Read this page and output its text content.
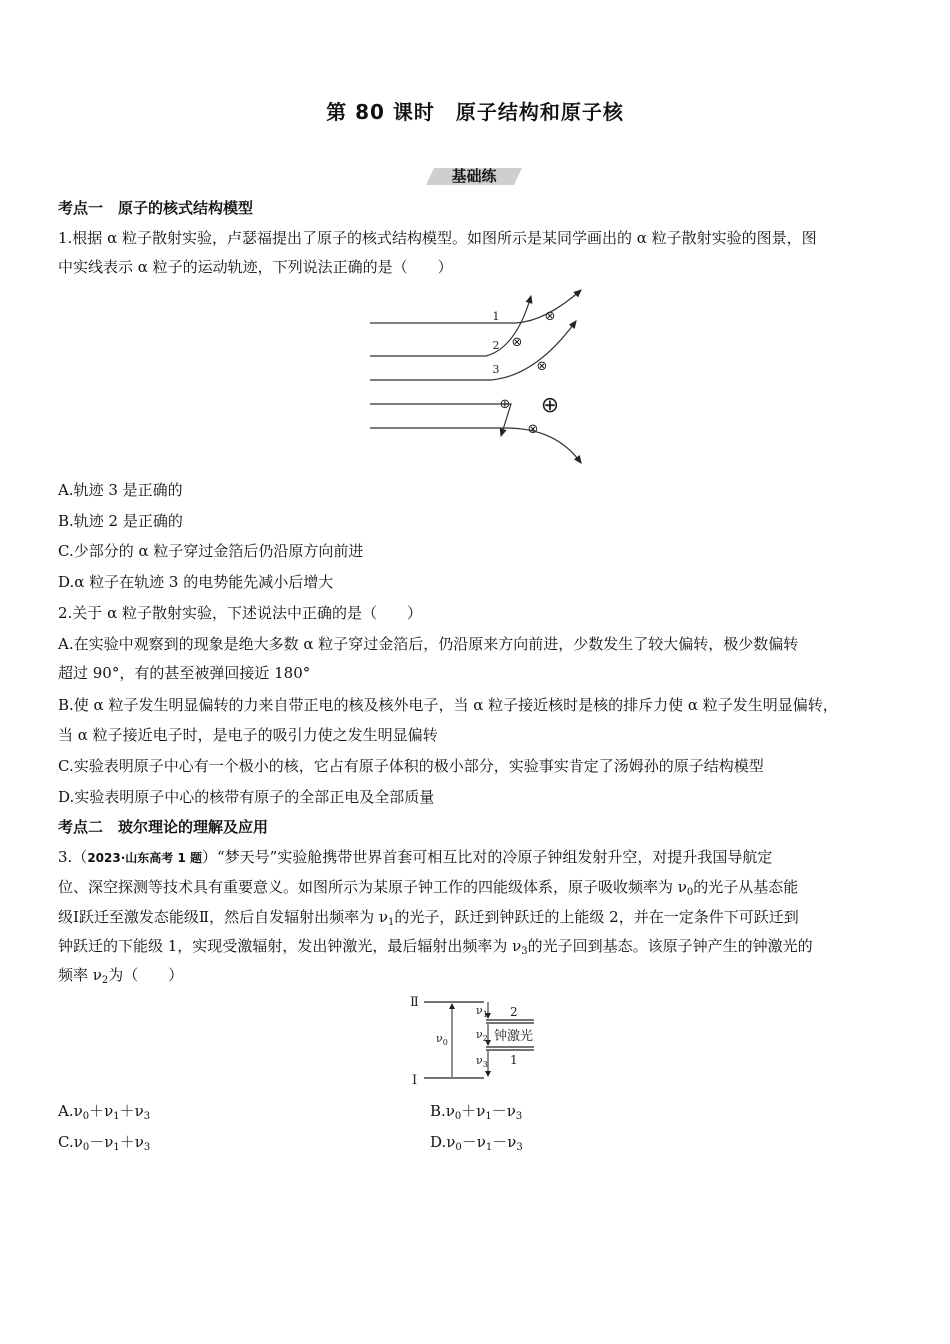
第 80 课时　原子结构和原子核
基础练
考点一　原子的核式结构模型
1.根据 α 粒子散射实验，卢瑟福提出了原子的核式结构模型。如图所示是某同学画出的 α 粒子散射实验的图景，图
中实线表示 α 粒子的运动轨迹，下列说法正确的是（　　）
1
2
3
⊗
⊗
⊗
⊕
⊗
⊕
A.轨迹 3 是正确的
B.轨迹 2 是正确的
C.少部分的 α 粒子穿过金箔后仍沿原方向前进
D.α 粒子在轨迹 3 的电势能先减小后增大
2.关于 α 粒子散射实验，下述说法中正确的是（　　）
A.在实验中观察到的现象是绝大多数 α 粒子穿过金箔后，仍沿原来方向前进，少数发生了较大偏转，极少数偏转
超过 90°，有的甚至被弹回接近 180°
B.使 α 粒子发生明显偏转的力来自带正电的核及核外电子，当 α 粒子接近核时是核的排斥力使 α 粒子发生明显偏转，
当 α 粒子接近电子时，是电子的吸引力使之发生明显偏转
C.实验表明原子中心有一个极小的核，它占有原子体积的极小部分，实验事实肯定了汤姆孙的原子结构模型
D.实验表明原子中心的核带有原子的全部正电及全部质量
考点二　玻尔理论的理解及应用
3.（2023·山东高考 1 题）“梦天号”实验舱携带世界首套可相互比对的冷原子钟组发射升空，对提升我国导航定
位、深空探测等技术具有重要意义。如图所示为某原子钟工作的四能级体系，原子吸收频率为 $\nu_0$的光子从基态能
级Ⅰ跃迁至激发态能级Ⅱ，然后自发辐射出频率为 $\nu_1$的光子，跃迁到钟跃迁的上能级 2，并在一定条件下可跃迁到
钟跃迁的下能级 1，实现受激辐射，发出钟激光，最后辐射出频率为 $\nu_3$的光子回到基态。该原子钟产生的钟激光的
频率 $\nu_2$为（　　）
Ⅱ
Ⅰ
2
1
$\nu_0$
$\nu_1$
$\nu_2$
$\nu_3$
钟激光
$A.\nu_0+\nu_1+\nu_3$	$B.\nu_0+\nu_1-\nu_3$
$C.\nu_0-\nu_1+\nu_3$	$D.\nu_0-\nu_1-\nu_3$
